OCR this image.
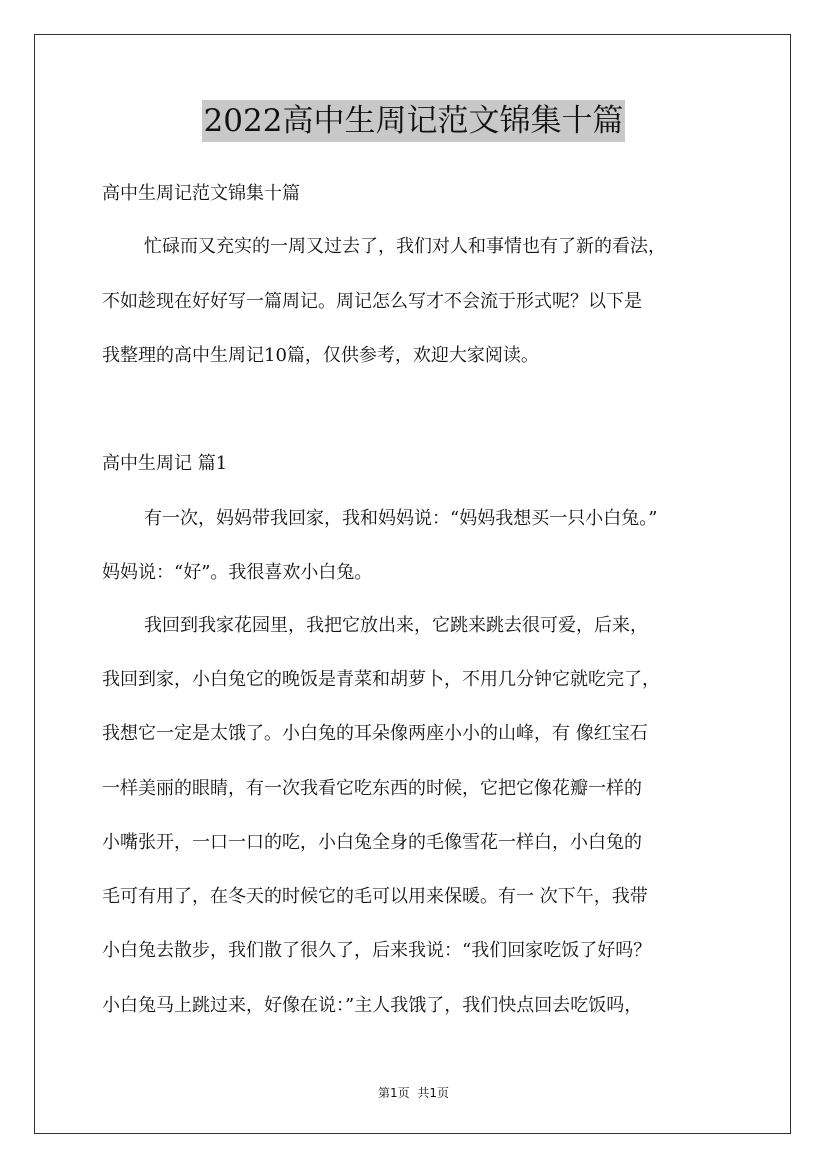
2022高中生周记范文锦集十篇
高中生周记范文锦集十篇
忙碌而又充实的一周又过去了，我们对人和事情也有了新的看法，
不如趁现在好好写一篇周记。周记怎么写才不会流于形式呢？以下是
我整理的高中生周记10篇，仅供参考，欢迎大家阅读。
高中生周记 篇1
有一次，妈妈带我回家，我和妈妈说：“妈妈我想买一只小白兔。”
妈妈说：“好”。我很喜欢小白兔。
我回到我家花园里，我把它放出来，它跳来跳去很可爱，后来，
我回到家，小白兔它的晚饭是青菜和胡萝卜，不用几分钟它就吃完了，
我想它一定是太饿了。小白兔的耳朵像两座小小的山峰，有 像红宝石
一样美丽的眼睛，有一次我看它吃东西的时候，它把它像花瓣一样的
小嘴张开，一口一口的吃，小白兔全身的毛像雪花一样白，小白兔的
毛可有用了，在冬天的时候它的毛可以用来保暖。有一 次下午，我带
小白兔去散步，我们散了很久了，后来我说：“我们回家吃饭了好吗？
小白兔马上跳过来，好像在说：”主人我饿了，我们快点回去吃饭吗，
第1页 共1页
